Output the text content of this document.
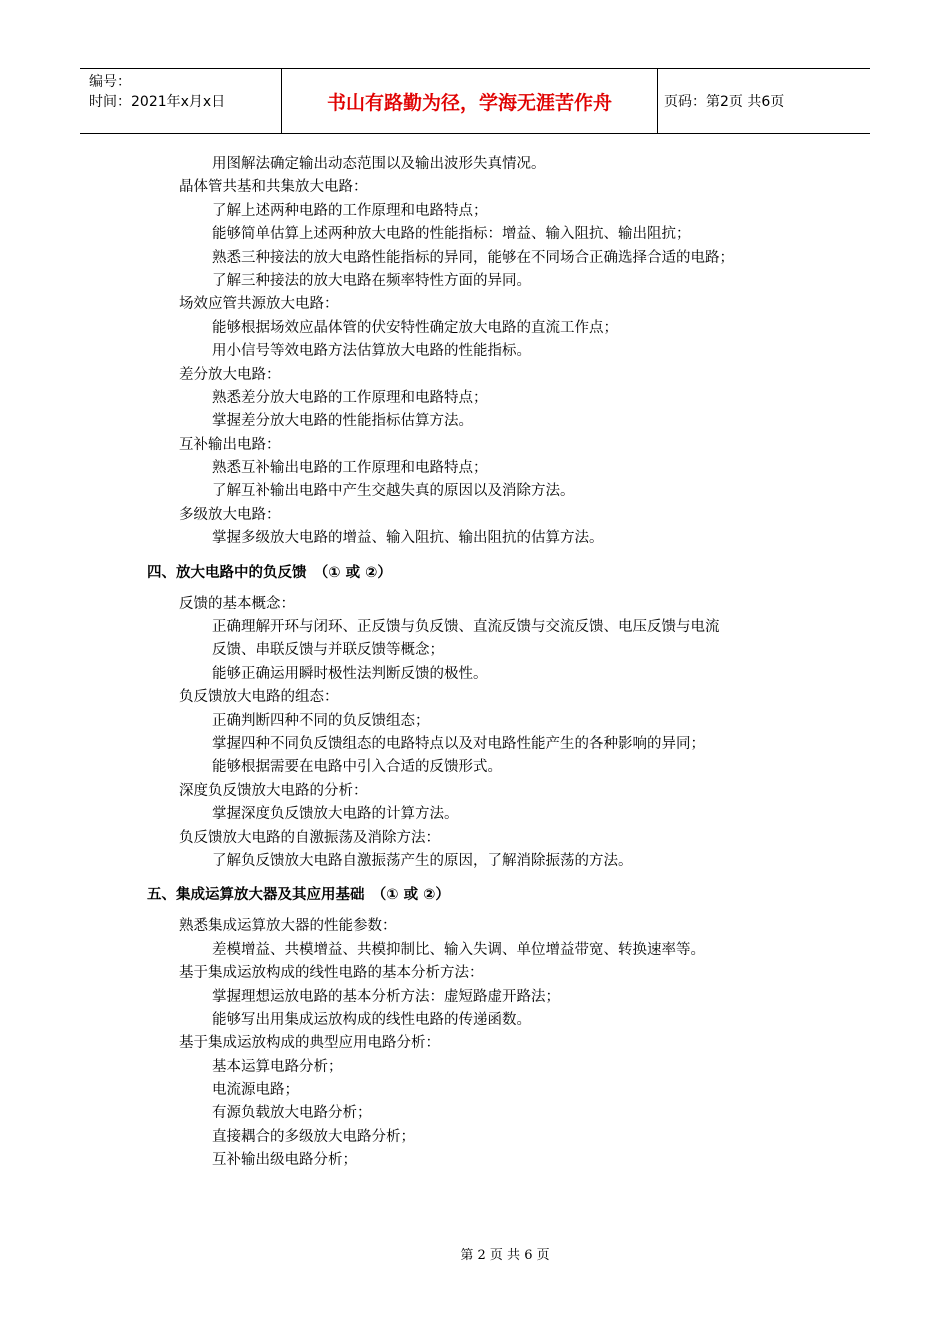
编号：
时间：2021年x月x日	书山有路勤为径，学海无涯苦作舟	页码：第2页 共6页
用图解法确定输出动态范围以及输出波形失真情况。
晶体管共基和共集放大电路：
了解上述两种电路的工作原理和电路特点；
能够简单估算上述两种放大电路的性能指标：增益、输入阻抗、输出阻抗；
熟悉三种接法的放大电路性能指标的异同，能够在不同场合正确选择合适的电路；
了解三种接法的放大电路在频率特性方面的异同。
场效应管共源放大电路：
能够根据场效应晶体管的伏安特性确定放大电路的直流工作点；
用小信号等效电路方法估算放大电路的性能指标。
差分放大电路：
熟悉差分放大电路的工作原理和电路特点；
掌握差分放大电路的性能指标估算方法。
互补输出电路：
熟悉互补输出电路的工作原理和电路特点；
了解互补输出电路中产生交越失真的原因以及消除方法。
多级放大电路：
掌握多级放大电路的增益、输入阻抗、输出阻抗的估算方法。
四、放大电路中的负反馈　（① 或 ②）
反馈的基本概念：
正确理解开环与闭环、正反馈与负反馈、直流反馈与交流反馈、电压反馈与电流
反馈、串联反馈与并联反馈等概念；
能够正确运用瞬时极性法判断反馈的极性。
负反馈放大电路的组态：
正确判断四种不同的负反馈组态；
掌握四种不同负反馈组态的电路特点以及对电路性能产生的各种影响的异同；
能够根据需要在电路中引入合适的反馈形式。
深度负反馈放大电路的分析：
掌握深度负反馈放大电路的计算方法。
负反馈放大电路的自激振荡及消除方法：
了解负反馈放大电路自激振荡产生的原因，了解消除振荡的方法。
五、集成运算放大器及其应用基础　（① 或 ②）
熟悉集成运算放大器的性能参数：
差模增益、共模增益、共模抑制比、输入失调、单位增益带宽、转换速率等。
基于集成运放构成的线性电路的基本分析方法：
掌握理想运放电路的基本分析方法：虚短路虚开路法；
能够写出用集成运放构成的线性电路的传递函数。
基于集成运放构成的典型应用电路分析：
基本运算电路分析；
电流源电路；
有源负载放大电路分析；
直接耦合的多级放大电路分析；
互补输出级电路分析；
第 2 页 共 6 页
